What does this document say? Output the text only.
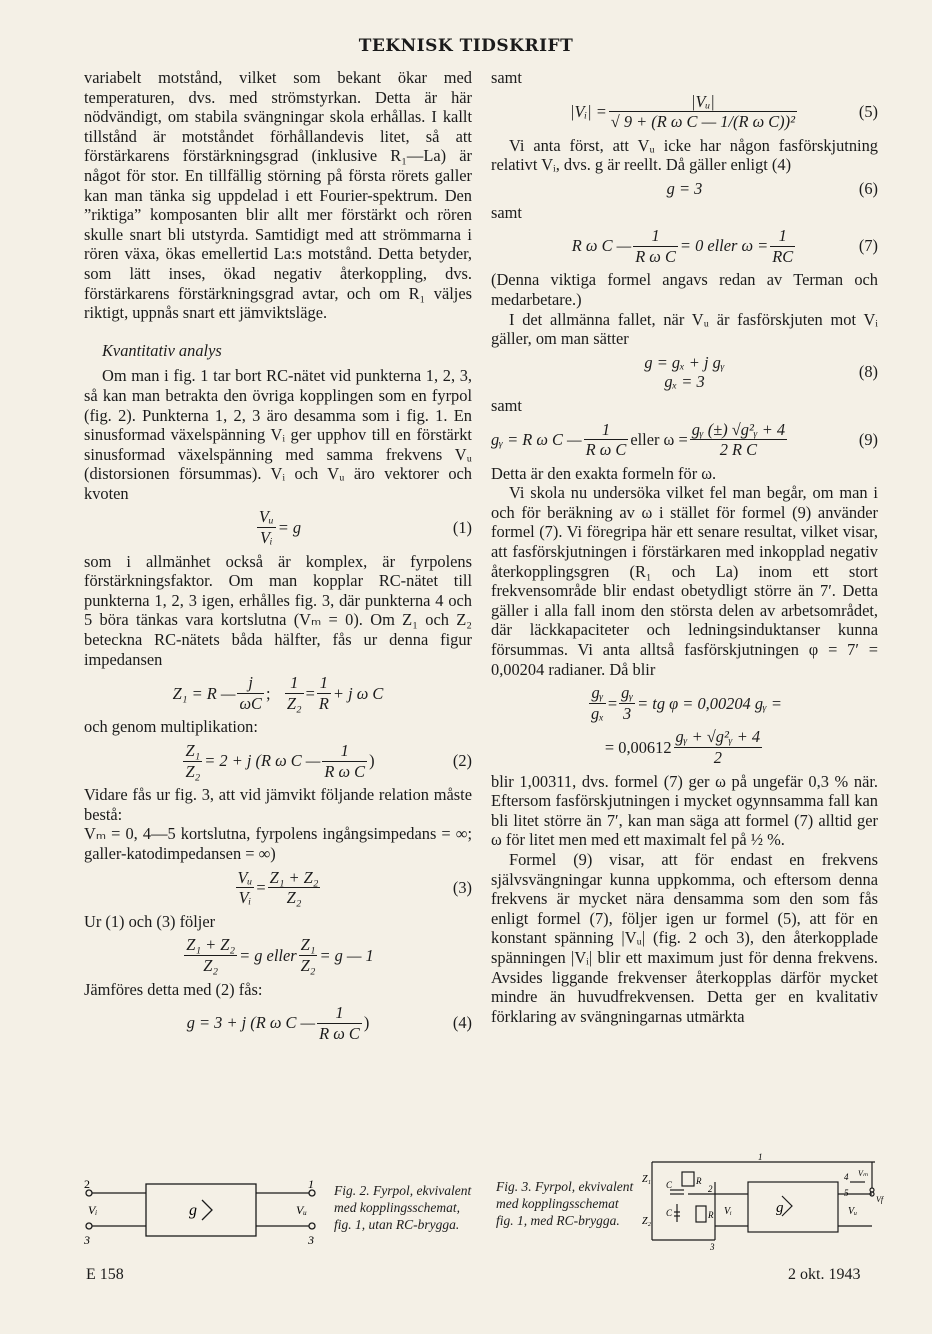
TEKNISK TIDSKRIFT

variabelt motstånd, vilket som bekant ökar med temperaturen, dvs. med strömstyrkan. Detta är här nödvändigt, om stabila svängningar skola erhållas. I kallt tillstånd är motståndet förhållandevis litet, så att förstärkarens förstärkningsgrad (inklusive R₁—La) är något för stor. En tillfällig störning på första rörets galler kan man tänka sig uppdelad i ett Fourier-spektrum. Den ”riktiga” komposanten blir allt mer förstärkt och rören skulle snart bli utstyrda. Samtidigt med att strömmarna i rören växa, ökas emellertid La:s motstånd. Detta betyder, som lätt inses, ökad negativ återkoppling, dvs. förstärkarens förstärkningsgrad avtar, och om R₁ väljes riktigt, uppnås snart ett jämviktsläge.

Kvantitativ analys

Om man i fig. 1 tar bort RC-nätet vid punkterna 1, 2, 3, så kan man betrakta den övriga kopplingen som en fyrpol (fig. 2). Punkterna 1, 2, 3 äro desamma som i fig. 1. En sinusformad växelspänning Vᵢ ger upphov till en förstärkt sinusformad växelspänning med samma frekvens Vᵤ (distorsionen försummas). Vᵢ och Vᵤ äro vektorer och kvoten

$\frac{\text{Vᵤ}}{\text{Vᵢ}} = g$	(1)

som i allmänhet också är komplex, är fyrpolens förstärkningsfaktor. Om man kopplar RC-nätet till punkterna 1, 2, 3 igen, erhålles fig. 3, där punkterna 4 och 5 böra tänkas vara kortslutna (Vₘ = 0). Om Z₁ och Z₂ beteckna RC-nätets båda hälfter, fås ur denna figur impedansen

Z₁ = R — $\frac{j}{\omega C}$ ;
$\frac{1}{\text{Z₂}} = \frac{1}{R} + j$ ω C

och genom multiplikation:

$\frac{\text{Z₁}}{\text{Z₂}} = 2 + j$ (R ω C — $\frac{1}{\text{R ω C}}$ )	(2)

Vidare fås ur fig. 3, att vid jämvikt följande relation måste bestå:

Vₘ = 0, 4—5 kortslutna, fyrpolens ingångsimpedans = ∞; galler-katodimpedansen = ∞)

$\frac{\text{Vᵤ}}{\text{Vᵢ}} = \frac{\text{Z₁ + Z₂}}{\text{Z₂}}$	(3)

Ur (1) och (3) följer

$\frac{\text{Z₁ + Z₂}}{\text{Z₂}} = g$ eller $\frac{\text{Z₁}}{\text{Z₂}} = g$ — 1

Jämföres detta med (2) fås:

g = 3 + j (R ω C — $\frac{1}{\text{R ω C}}$ )	(4)

samt

|Vᵢ| = $\frac{\text{|Vᵤ|}}{\text{√ 9 + (R ω C — 1/(R ω C))²}}$	(5)

Vi anta först, att Vᵤ icke har någon fasförskjutning relativt Vᵢ, dvs. g är reellt. Då gäller enligt (4)

g = 3	(6)

samt

R ω C — $\frac{1}{\text{R ω C}} = 0$ eller $\omega = \frac{1}{RC}$	(7)

(Denna viktiga formel angavs redan av Terman och medarbetare.)

I det allmänna fallet, när Vᵤ är fasförskjuten mot Vᵢ gäller, om man sätter

g = gₓ + j gᵧ
gₓ = 3
(8)

samt

gᵧ = R ω C — $\frac{1}{\text{R ω C}}$ eller $\omega = \frac{\text{gᵧ (±) √g²ᵧ + 4}}{\text{2 R C}}$	(9)

Detta är den exakta formeln för ω.

Vi skola nu undersöka vilket fel man begår, om man i och för beräkning av ω i stället för formel (9) använder formel (7). Vi föregripa här ett senare resultat, vilket visar, att fasförskjutningen i förstärkaren med inkopplad negativ återkopplingsgren (R₁ och La) inom ett stort frekvensområde blir endast obetydligt större än 7′. Detta gäller i alla fall inom den största delen av arbetsområdet, där läckkapaciteter och ledningsinduktanser kunna försummas. Vi anta alltså fasförskjutningen φ = 7′ = 0,00204 radianer. Då blir

$\frac{\text{gᵧ}}{\text{gₓ}} = \frac{\text{gᵧ}}{3}$ = tg φ = 0,00204 gᵧ =
= $0,00612 \frac{\text{gᵧ + √g²ᵧ + 4}}{2}$

blir 1,00311, dvs. formel (7) ger ω på ungefär 0,3 % när. Eftersom fasförskjutningen i mycket ogynnsamma fall kan bli litet större än 7′, kan man säga att formel (7) alltid ger ω för litet men med ett maximalt fel på ½ %.

Formel (9) visar, att för endast en frekvens självsvängningar kunna uppkomma, och eftersom denna frekvens är mycket nära densamma som den som fås enligt formel (7), följer igen ur formel (5), att för en konstant spänning |Vᵤ| (fig. 2 och 3), den återkopplade spänningen |Vᵢ| blir ett maximum just för denna frekvens. Avsides liggande frekvenser återkopplas därför mycket mindre än huvudfrekvensen. Detta ger en kvalitativ förklaring av svängningarnas utmärkta

2
3
Vᵢ	g
1
3
Vᵤ
Fig. 2. Fyrpol, ekvivalent med kopplingsschemat, fig. 1, utan RC-brygga.
Fig. 3. Fyrpol, ekvivalent med kopplingsschemat fig. 1, med RC-brygga.
1
2
3
4
5
Z₁
Z₂
C
C
R
R Vᵢ	g	Vᵤ
Vₘ
Vf
E 158	2 okt. 1943
